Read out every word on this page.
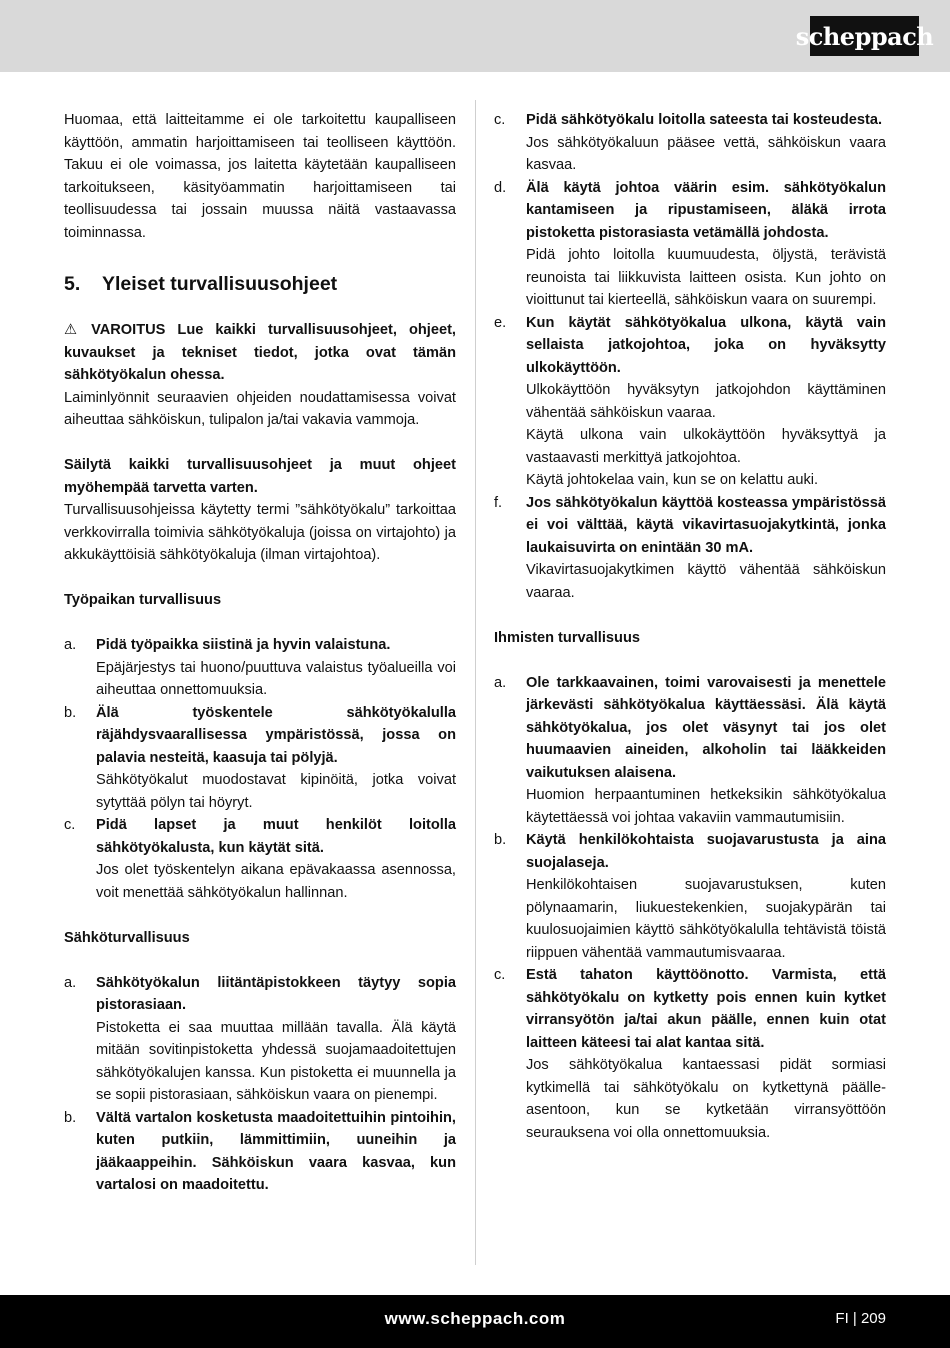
scheppach

Huomaa, että laitteitamme ei ole tarkoitettu kaupalliseen käyttöön, ammatin harjoittamiseen tai teolliseen käyttöön. Takuu ei ole voimassa, jos laitetta käytetään kaupalliseen tarkoitukseen, käsityöammatin harjoittamiseen tai teollisuudessa tai jossain muussa näitä vastaavassa toiminnassa.

5.	Yleiset turvallisuusohjeet

⚠ VAROITUS Lue kaikki turvallisuusohjeet, ohjeet, kuvaukset ja tekniset tiedot, jotka ovat tämän sähkötyökalun ohessa.

Laiminlyönnit seuraavien ohjeiden noudattamisessa voivat aiheuttaa sähköiskun, tulipalon ja/tai vakavia vammoja.

Säilytä kaikki turvallisuusohjeet ja muut ohjeet myöhempää tarvetta varten.

Turvallisuusohjeissa käytetty termi ”sähkötyökalu” tarkoittaa verkkovirralla toimivia sähkötyökaluja (joissa on virtajohto) ja akkukäyttöisiä sähkötyökaluja (ilman virtajohtoa).

Työpaikan turvallisuus

a.	Pidä työpaikka siistinä ja hyvin valaistuna.

Epäjärjestys tai huono/puuttuva valaistus työalueilla voi aiheuttaa onnettomuuksia.

b.	Älä työskentele sähkötyökalulla räjähdysvaarallisessa ympäristössä, jossa on palavia nesteitä, kaasuja tai pölyjä.

Sähkötyökalut muodostavat kipinöitä, jotka voivat sytyttää pölyn tai höyryt.

c.	Pidä lapset ja muut henkilöt loitolla sähkötyökalusta, kun käytät sitä.

Jos olet työskentelyn aikana epävakaassa asennossa, voit menettää sähkötyökalun hallinnan.

Sähköturvallisuus

a.	Sähkötyökalun liitäntäpistokkeen täytyy sopia pistorasiaan.

Pistoketta ei saa muuttaa millään tavalla. Älä käytä mitään sovitinpistoketta yhdessä suojamaadoitettujen sähkötyökalujen kanssa. Kun pistoketta ei muunnella ja se sopii pistorasiaan, sähköiskun vaara on pienempi.

b.	Vältä vartalon kosketusta maadoitettuihin pintoihin, kuten putkiin, lämmittimiin, uuneihin ja jääkaappeihin. Sähköiskun vaara kasvaa, kun vartalosi on maadoitettu.

c.	Pidä sähkötyökalu loitolla sateesta tai kosteudesta.

Jos sähkötyökaluun pääsee vettä, sähköiskun vaara kasvaa.

d.	Älä käytä johtoa väärin esim. sähkötyökalun kantamiseen ja ripustamiseen, äläkä irrota pistoketta pistorasiasta vetämällä johdosta.

Pidä johto loitolla kuumuudesta, öljystä, terävistä reunoista tai liikkuvista laitteen osista. Kun johto on vioittunut tai kierteellä, sähköiskun vaara on suurempi.

e.	Kun käytät sähkötyökalua ulkona, käytä vain sellaista jatkojohtoa, joka on hyväksytty ulkokäyttöön.

Ulkokäyttöön hyväksytyn jatkojohdon käyttäminen vähentää sähköiskun vaaraa.

Käytä ulkona vain ulkokäyttöön hyväksyttyä ja vastaavasti merkittyä jatkojohtoa.

Käytä johtokelaa vain, kun se on kelattu auki.

f.	Jos sähkötyökalun käyttöä kosteassa ympäristössä ei voi välttää, käytä vikavirtasuojakytkintä, jonka laukaisuvirta on enintään 30 mA.

Vikavirtasuojakytkimen käyttö vähentää sähköiskun vaaraa.

Ihmisten turvallisuus

a.	Ole tarkkaavainen, toimi varovaisesti ja menettele järkevästi sähkötyökalua käyttäessäsi. Älä käytä sähkötyökalua, jos olet väsynyt tai jos olet huumaavien aineiden, alkoholin tai lääkkeiden vaikutuksen alaisena.

Huomion herpaantuminen hetkeksikin sähkötyökalua käytettäessä voi johtaa vakaviin vammautumisiin.

b.	Käytä henkilökohtaista suojavarustusta ja aina suojalaseja.

Henkilökohtaisen suojavarustuksen, kuten pölynaamarin, liukuestekenkien, suojakypärän tai kuulosuojaimien käyttö sähkötyökalulla tehtävistä töistä riippuen vähentää vammautumisvaaraa.

c.	Estä tahaton käyttöönotto. Varmista, että sähkötyökalu on kytketty pois ennen kuin kytket virransyötön ja/tai akun päälle, ennen kuin otat laitteen käteesi tai alat kantaa sitä.

Jos sähkötyökalua kantaessasi pidät sormiasi kytkimellä tai sähkötyökalu on kytkettynä päälle-asentoon, kun se kytketään virransyöttöön seurauksena voi olla onnettomuuksia.

www.scheppach.com	FI | 209
